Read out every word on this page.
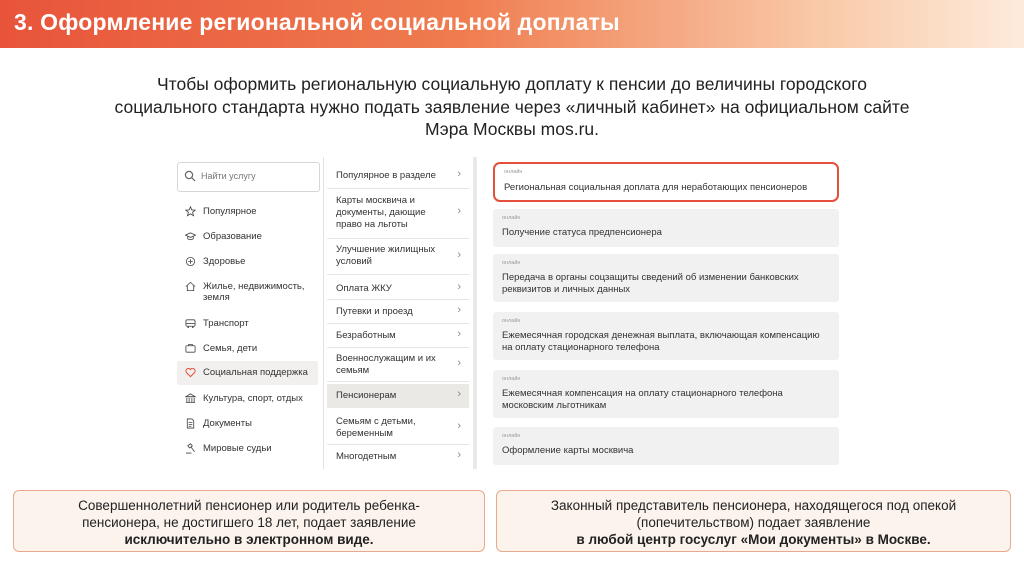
3. Оформление региональной социальной доплаты
Чтобы оформить региональную социальную доплату к пенсии до величины городского
социального стандарта нужно подать заявление через «личный кабинет» на официальном сайте
Мэра Москвы mos.ru.
Найти услугу
Популярное
Образование
Здоровье
Жилье, недвижимость, земля
Транспорт
Семья, дети
Социальная поддержка
Культура, спорт, отдых
Документы
Мировые судьи
Популярное в разделе	›
Карты москвича и документы, дающие право на льготы
›
Улучшение жилищных условий
›
Оплата ЖКУ	›
Путевки и проезд	›
Безработным	›
Военнослужащим и их семьям
›
Пенсионерам	›
Семьям с детьми, беременным
›
Многодетным	›
онлайн
Региональная социальная доплата для неработающих пенсионеров
онлайн
Получение статуса предпенсионера
онлайн
Передача в органы соцзащиты сведений об изменении банковских реквизитов и личных данных
онлайн
Ежемесячная городская денежная выплата, включающая компенсацию на оплату стационарного телефона
онлайн
Ежемесячная компенсация на оплату стационарного телефона московским льготникам
онлайн
Оформление карты москвича
Совершеннолетний пенсионер или родитель ребенка-
пенсионера, не достигшего 18 лет, подает заявление
исключительно в электронном виде.
Законный представитель пенсионера, находящегося под опекой
(попечительством) подает заявление
в любой центр госуслуг «Мои документы» в Москве.
